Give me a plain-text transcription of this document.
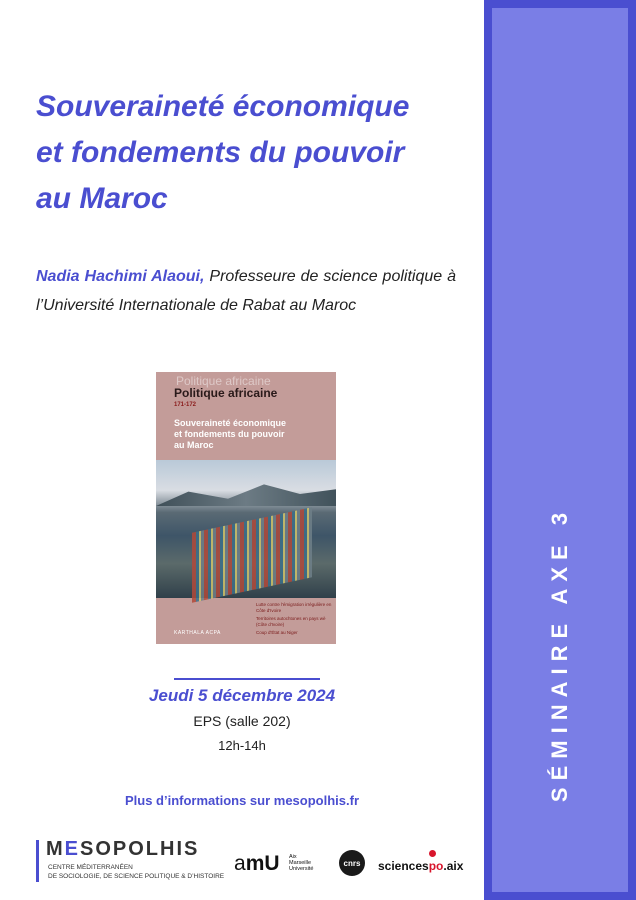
SÉMINAIRE AXE 3
Souveraineté économique
et fondements du pouvoir
au Maroc
Nadia Hachimi Alaoui, Professeure de science politique à l’Université Internationale de Rabat au Maroc
Politique africaine
Politique africaine
171-172
Souveraineté économique
et fondements du pouvoir
au Maroc
Lutte contre l'émigration irrégulière en Côte d'Ivoire
Territoires autochtones en pays wè (Côte d'Ivoire)
Coup d'État au Niger
KARTHALA ACPA
Jeudi 5 décembre 2024
EPS (salle 202)
12h-14h
Plus d’informations sur mesopolhis.fr
MESOPOLHIS
CENTRE MÉDITERRANÉEN
DE SOCIOLOGIE, DE SCIENCE POLITIQUE & D’HISTOIRE
amU Aix
Marseille
Université
cnrs	sciencespo.aix
